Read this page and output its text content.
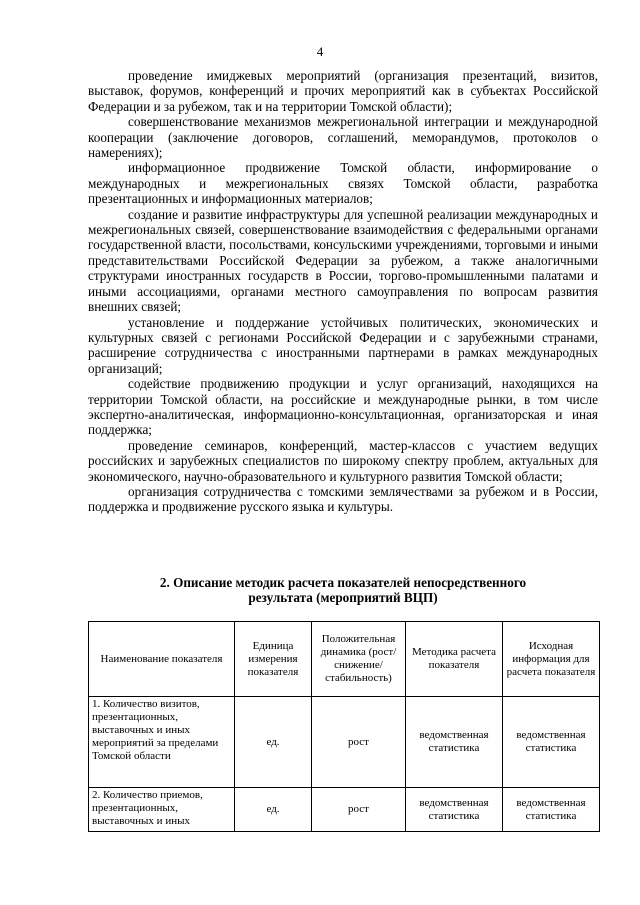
4

проведение имиджевых мероприятий (организация презентаций, визитов, выставок, форумов, конференций и прочих мероприятий как в субъектах Российской Федерации и за рубежом, так и на территории Томской области);

совершенствование механизмов межрегиональной интеграции и международной кооперации (заключение договоров, соглашений, меморандумов, протоколов о намерениях);

информационное продвижение Томской области, информирование о международных и межрегиональных связях Томской области, разработка презентационных и информационных материалов;

создание и развитие инфраструктуры для успешной реализации международных и межрегиональных связей, совершенствование взаимодействия с федеральными органами государственной власти, посольствами, консульскими учреждениями, торговыми и иными представительствами Российской Федерации за рубежом, а также аналогичными структурами иностранных государств в России, торгово-промышленными палатами и иными ассоциациями, органами местного самоуправления по вопросам развития внешних связей;

установление и поддержание устойчивых политических, экономических и культурных связей с регионами Российской Федерации и с зарубежными странами, расширение сотрудничества с иностранными партнерами в рамках международных организаций;

содействие продвижению продукции и услуг организаций, находящихся на территории Томской области, на российские и международные рынки, в том числе экспертно-аналитическая, информационно-консультационная, организаторская и иная поддержка;

проведение семинаров, конференций, мастер-классов с участием ведущих российских и зарубежных специалистов по широкому спектру проблем, актуальных для экономического, научно-образовательного и культурного развития Томской области;

организация сотрудничества с томскими землячествами за рубежом и в России, поддержка и продвижение русского языка и культуры.

2. Описание методик расчета показателей непосредственного
результата (мероприятий ВЦП)
Наименование показателя	Единица измерения показателя	Положительная динамика (рост/ снижение/ стабильность)	Методика расчета показателя	Исходная информация для расчета показателя
1. Количество визитов, презентационных, выставочных и иных мероприятий за пределами Томской области	ед.	рост	ведомственная статистика	ведомственная статистика

2. Количество приемов, презентационных, выставочных и иных	ед.	рост	ведомственная статистика	ведомственная статистика
